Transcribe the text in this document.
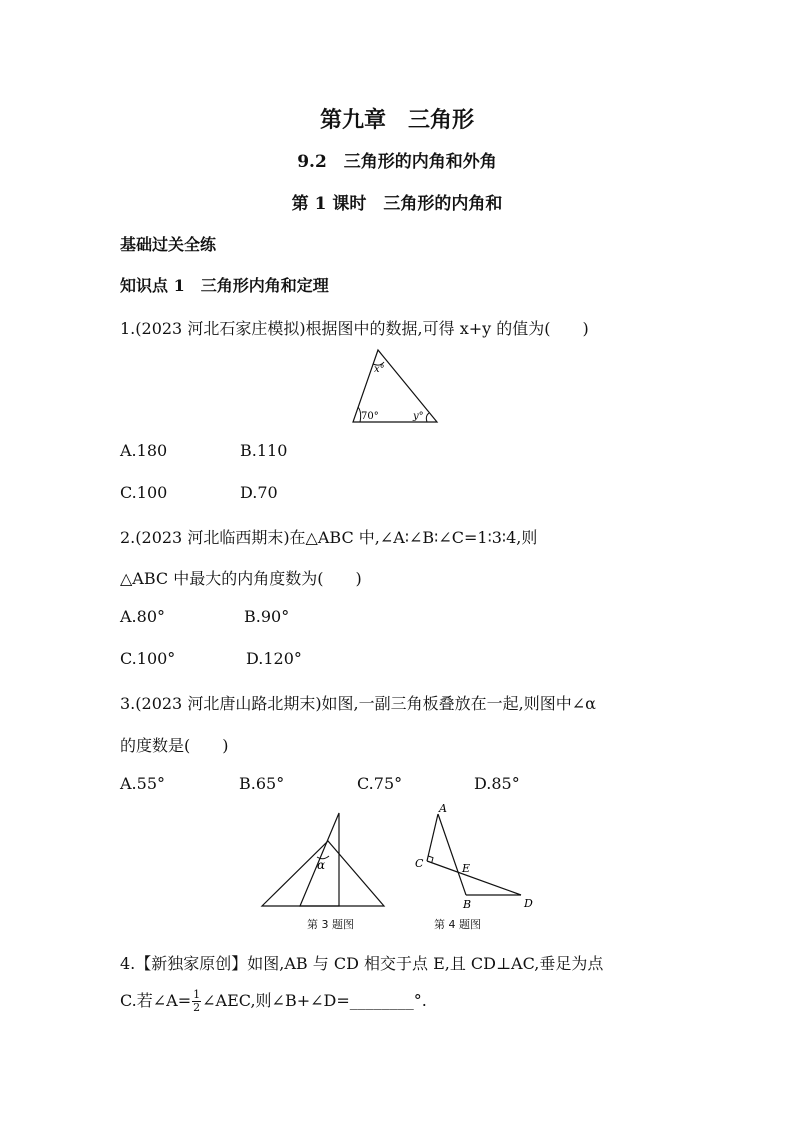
第九章　三角形
9.2　三角形的内角和外角
第 1 课时　三角形的内角和
基础过关全练
知识点 1　三角形内角和定理
1.(2023 河北石家庄模拟)根据图中的数据,可得 x+y 的值为(　　)
x°
70°	y°
A.180	B.110
C.100	D.70
2.(2023 河北临西期末)在△ABC 中,∠A∶∠B∶∠C=1∶3∶4,则
△ABC 中最大的内角度数为(　　)
A.80°	B.90°
C.100°	D.120°
3.(2023 河北唐山路北期末)如图,一副三角板叠放在一起,则图中∠α
的度数是(　　)
A.55°	B.65°	C.75°	D.85°
α
第 3 题图
A
C	E
B	D
第 4 题图
4.【新独家原创】如图,AB 与 CD 相交于点 E,且 CD⊥AC,垂足为点
C.若∠A= $\frac{1}{2}$ ∠AEC,则∠B+∠D=________°.
